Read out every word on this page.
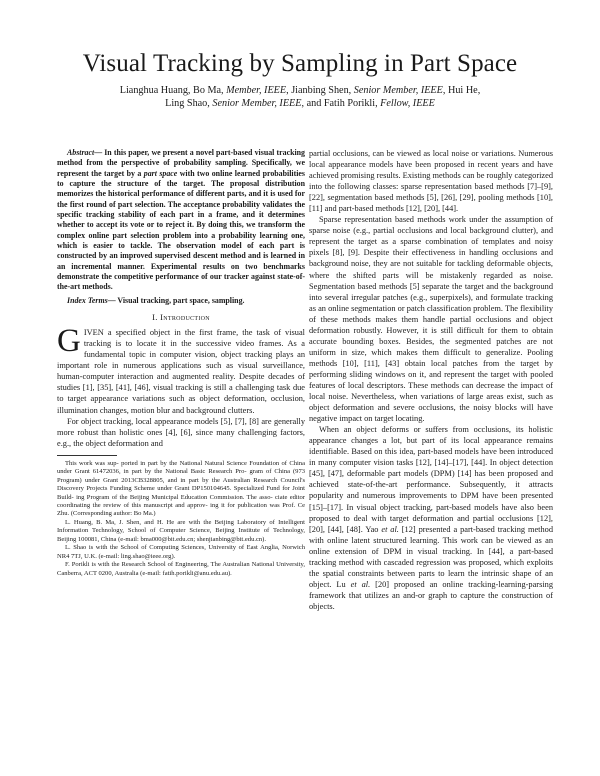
Visual Tracking by Sampling in Part Space
Lianghua Huang, Bo Ma, Member, IEEE, Jianbing Shen, Senior Member, IEEE, Hui He,
Ling Shao, Senior Member, IEEE, and Fatih Porikli, Fellow, IEEE

Abstract— In this paper, we present a novel part-based visual tracking method from the perspective of probability sampling. Specifically, we represent the target by a part space with two online learned probabilities to capture the structure of the target. The proposal distribution memorizes the historical performance of different parts, and it is used for the first round of part selection. The acceptance probability validates the specific tracking stability of each part in a frame, and it determines whether to accept its vote or to reject it. By doing this, we transform the complex online part selection problem into a probability learning one, which is easier to tackle. The observation model of each part is constructed by an improved supervised descent method and is learned in an incremental manner. Experimental results on two benchmarks demonstrate the competitive performance of our tracker against state-of-the-art methods.

Index Terms— Visual tracking, part space, sampling.

I. Introduction

GIVEN a specified object in the first frame, the task of visual tracking is to locate it in the successive video frames. As a fundamental topic in computer vision, object tracking plays an important role in numerous applications such as visual surveillance, human-computer interaction and augmented reality. Despite decades of studies [1], [35], [41], [46], visual tracking is still a challenging task due to target appearance variations such as object deformation, occlusion, illumination changes, motion blur and background clutters.

For object tracking, local appearance models [5], [7], [8] are generally more robust than holistic ones [4], [6], since many challenging factors, e.g., the object deformation and

This work was sup- ported in part by the National Natural Science Foundation of China under Grant 61472036, in part by the National Basic Research Pro- gram of China (973 Program) under Grant 2013CB328805, and in part by the Australian Research Council's Discovery Projects Funding Scheme under Grant DP150104645. Specialized Fund for Joint Build- ing Program of the Beijing Municipal Education Commission. The asso- ciate editor coordinating the review of this manuscript and approv- ing it for publication was Prof. Ce Zhu. (Corresponding author: Bo Ma.)

L. Huang, B. Ma, J. Shen, and H. He are with the Beijing Laboratory of Intelligent Information Technology, School of Computer Science, Beijing Institute of Technology, Beijing 100081, China (e-mail: bma000@bit.edu.cn; shenjianbing@bit.edu.cn).

L. Shao is with the School of Computing Sciences, University of East Anglia, Norwich NR4 7TJ, U.K. (e-mail: ling.shao@ieee.org).

F. Porikli is with the Research School of Engineering, The Australian National University, Canberra, ACT 0200, Australia (e-mail: fatih.porikli@anu.edu.au).

partial occlusions, can be viewed as local noise or variations. Numerous local appearance models have been proposed in recent years and have achieved promising results. Existing methods can be roughly categorized into the following classes: sparse representation based methods [7]–[9], [22], segmentation based methods [5], [26], [29], pooling methods [10], [11] and part-based methods [12], [20], [44].

Sparse representation based methods work under the assumption of sparse noise (e.g., partial occlusions and local background clutter), and represent the target as a sparse combination of templates and noisy pixels [8], [9]. Despite their effectiveness in handling occlusions and background noise, they are not suitable for tackling deformable objects, where the shifted parts will be mistakenly regarded as noise. Segmentation based methods [5] separate the target and the background into several irregular patches (e.g., superpixels), and formulate tracking as an online segmentation or patch classification problem. The flexibility of these methods makes them handle partial occlusions and object deformation robustly. However, it is still difficult for them to obtain accurate bounding boxes. Besides, the segmented patches are not uniform in size, which makes them difficult to generalize. Pooling methods [10], [11], [43] obtain local patches from the target by performing sliding windows on it, and represent the target with pooled features of local descriptors. These methods can decrease the impact of local noise. Nevertheless, when variations of large areas exist, such as object deformation and severe occlusions, the noisy blocks will have negative impact on target locating.

When an object deforms or suffers from occlusions, its holistic appearance changes a lot, but part of its local appearance remains identifiable. Based on this idea, part-based models have been introduced in many computer vision tasks [12], [14]–[17], [44]. In object detection [45], [47], deformable part models (DPM) [14] has been proposed and achieved state-of-the-art performance. Subsequently, it attracts popularity and numerous improvements to DPM have been presented [15]–[17]. In visual object tracking, part-based models have also been proposed to deal with target deformation and partial occlusions [12], [20], [44], [48]. Yao et al. [12] presented a part-based tracking method with online latent structured learning. This work can be viewed as an online extension of DPM in visual tracking. In [44], a part-based tracking method with cascaded regression was proposed, which exploits the spatial constraints between parts to learn the intrinsic shape of an object. Lu et al. [20] proposed an online tracking-learning-parsing framework that utilizes an and-or graph to capture the construction of objects.
